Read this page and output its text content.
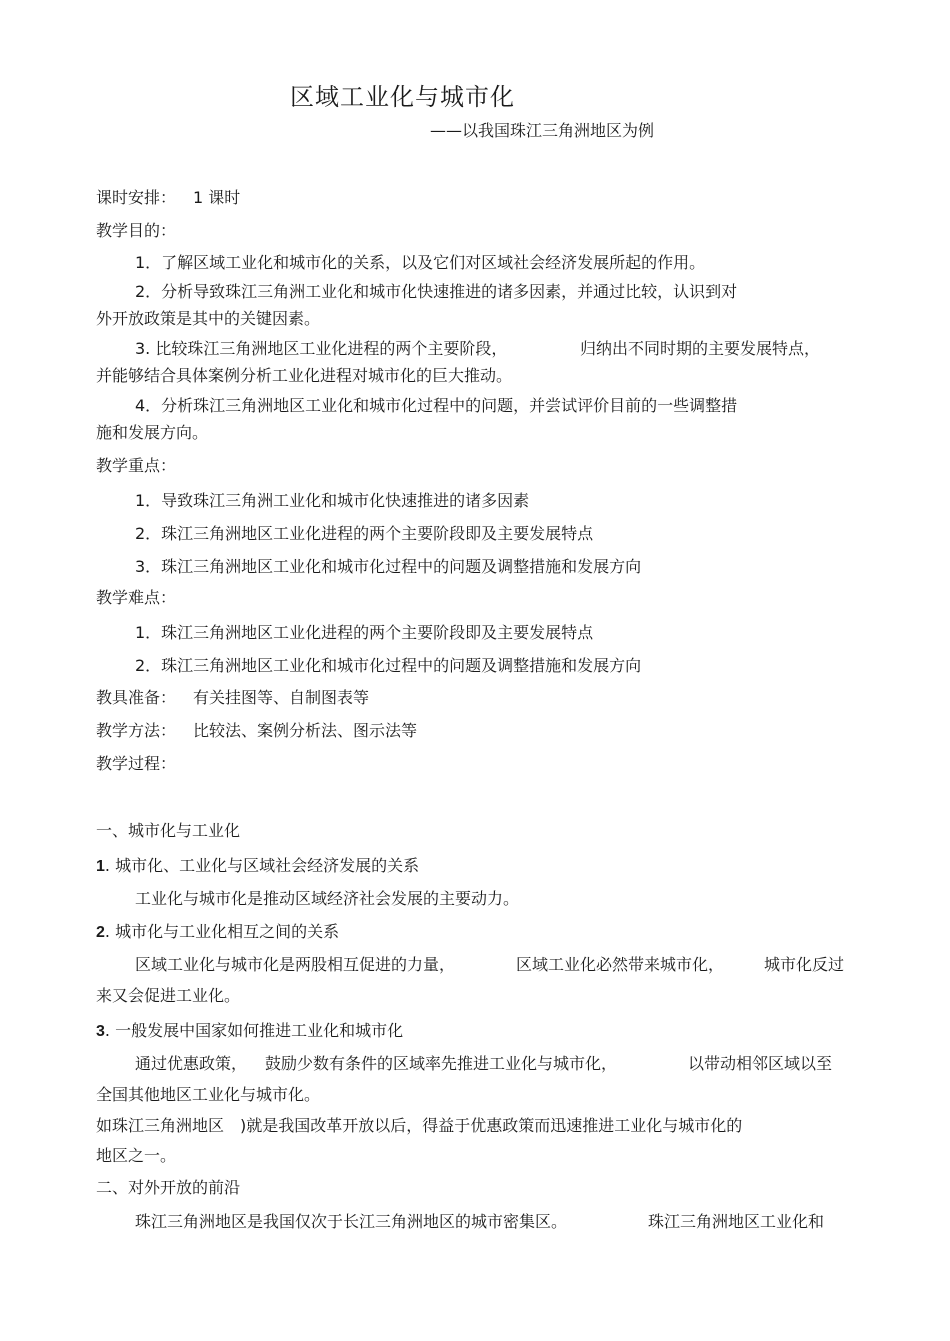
区域工业化与城市化
——以我国珠江三角洲地区为例
课时安排： 1 课时
教学目的：
1．了解区域工业化和城市化的关系，以及它们对区域社会经济发展所起的作用。
2．分析导致珠江三角洲工业化和城市化快速推进的诸多因素，并通过比较，认识到对
外开放政策是其中的关键因素。
3. 比较珠江三角洲地区工业化进程的两个主要阶段，	归纳出不同时期的主要发展特点，
并能够结合具体案例分析工业化进程对城市化的巨大推动。
4．分析珠江三角洲地区工业化和城市化过程中的问题，并尝试评价目前的一些调整措
施和发展方向。
教学重点：
1．导致珠江三角洲工业化和城市化快速推进的诸多因素
2．珠江三角洲地区工业化进程的两个主要阶段即及主要发展特点
3．珠江三角洲地区工业化和城市化过程中的问题及调整措施和发展方向
教学难点：
1．珠江三角洲地区工业化进程的两个主要阶段即及主要发展特点
2．珠江三角洲地区工业化和城市化过程中的问题及调整措施和发展方向
教具准备： 有关挂图等、自制图表等
教学方法： 比较法、案例分析法、图示法等
教学过程：
一、城市化与工业化
1. 城市化、工业化与区域社会经济发展的关系
工业化与城市化是推动区域经济社会发展的主要动力。
2. 城市化与工业化相互之间的关系
区域工业化与城市化是两股相互促进的力量，	区域工业化必然带来城市化， 城市化反过
来又会促进工业化。
3. 一般发展中国家如何推进工业化和城市化
通过优惠政策， 鼓励少数有条件的区域率先推进工业化与城市化，	以带动相邻区域以至
全国其他地区工业化与城市化。
如珠江三角洲地区　)就是我国改革开放以后，得益于优惠政策而迅速推进工业化与城市化的
地区之一。
二、对外开放的前沿
珠江三角洲地区是我国仅次于长江三角洲地区的城市密集区。	珠江三角洲地区工业化和
